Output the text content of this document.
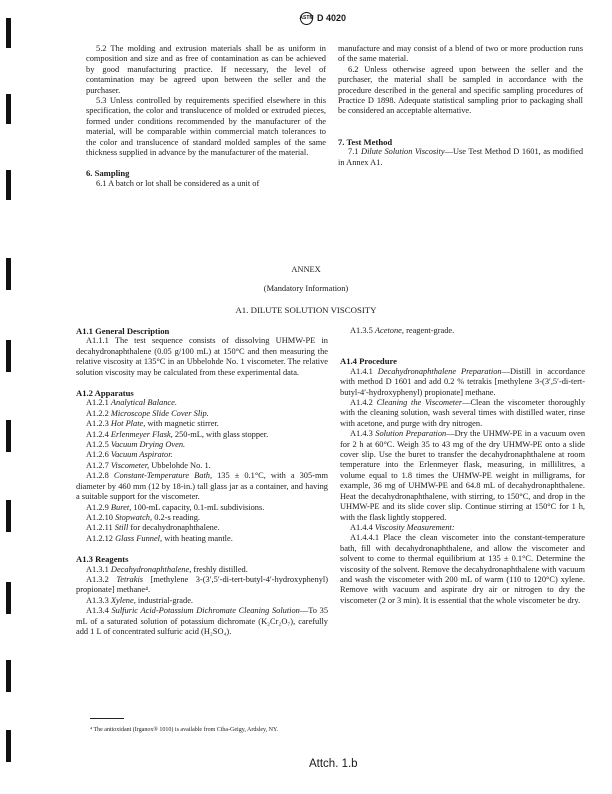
ASTM D 4020

5.2 The molding and extrusion materials shall be as uniform in composition and size and as free of contamination as can be achieved by good manufacturing practice. If necessary, the level of contamination may be agreed upon between the seller and the purchaser.

5.3 Unless controlled by requirements specified elsewhere in this specification, the color and translucence of molded or extruded pieces, formed under conditions recommended by the manufacturer of the material, will be comparable within commercial match tolerances to the color and translucence of standard molded samples of the same thickness supplied in advance by the manufacturer of the material.

6. Sampling

6.1 A batch or lot shall be considered as a unit of

manufacture and may consist of a blend of two or more production runs of the same material.

6.2 Unless otherwise agreed upon between the seller and the purchaser, the material shall be sampled in accordance with the procedure described in the general and specific sampling procedures of Practice D 1898. Adequate statistical sampling prior to packaging shall be considered an acceptable alternative.

7. Test Method

7.1 Dilute Solution Viscosity—Use Test Method D 1601, as modified in Annex A1.

ANNEX
(Mandatory Information)
A1. DILUTE SOLUTION VISCOSITY
A1.1 General Description

A1.1.1 The test sequence consists of dissolving UHMW-PE in decahydronaphthalene (0.05 g/100 mL) at 150°C and then measuring the relative viscosity at 135°C in an Ubbelohde No. 1 viscometer. The relative solution viscosity may be calculated from these experimental data.

A1.2 Apparatus
A1.2.1 Analytical Balance.
A1.2.2 Microscope Slide Cover Slip.
A1.2.3 Hot Plate, with magnetic stirrer.
A1.2.4 Erlenmeyer Flask, 250-mL, with glass stopper.
A1.2.5 Vacuum Drying Oven.
A1.2.6 Vacuum Aspirator.
A1.2.7 Viscometer, Ubbelohde No. 1.
A1.2.8 Constant-Temperature Bath, 135 ± 0.1°C, with a 305-mm diameter by 460 mm (12 by 18-in.) tall glass jar as a container, and having a suitable support for the viscometer.
A1.2.9 Buret, 100-mL capacity, 0.1-mL subdivisions.
A1.2.10 Stopwatch, 0.2-s reading.
A1.2.11 Still for decahydronaphthalene.
A1.2.12 Glass Funnel, with heating mantle.
A1.3 Reagents
A1.3.1 Decahydronaphthalene, freshly distilled.
A1.3.2 Tetrakis [methylene 3-(3′,5′-di-tert-butyl-4′-hydroxyphenyl) propionate] methane⁴.
A1.3.3 Xylene, industrial-grade.
A1.3.4 Sulfuric Acid-Potassium Dichromate Cleaning Solution—To 35 mL of a saturated solution of potassium dichromate (K₂Cr₂O₇), carefully add 1 L of concentrated sulfuric acid (H₂SO₄).
A1.3.5 Acetone, reagent-grade.
A1.4 Procedure

A1.4.1 Decahydronaphthalene Preparation—Distill in accordance with method D 1601 and add 0.2 % tetrakis [methylene 3-(3′,5′-di-tert-butyl-4′-hydroxyphenyl) propionate] methane.

A1.4.2 Cleaning the Viscometer—Clean the viscometer thoroughly with the cleaning solution, wash several times with distilled water, rinse with acetone, and purge with dry nitrogen.

A1.4.3 Solution Preparation—Dry the UHMW-PE in a vacuum oven for 2 h at 60°C. Weigh 35 to 43 mg of the dry UHMW-PE onto a slide cover slip. Use the buret to transfer the decahydronaphthalene at room temperature into the Erlenmeyer flask, measuring, in millilitres, a volume equal to 1.8 times the UHMW-PE weight in milligrams, for example, 36 mg of UHMW-PE and 64.8 mL of decahydronaphthalene. Heat the decahydronaphthalene, with stirring, to 150°C, and drop in the UHMW-PE and its slide cover slip. Continue stirring at 150°C for 1 h, with the flask lightly stoppered.

A1.4.4 Viscosity Measurement:

A1.4.4.1 Place the clean viscometer into the constant-temperature bath, fill with decahydronaphthalene, and allow the viscometer and solvent to come to thermal equilibrium at 135 ± 0.1°C. Determine the viscosity of the solvent. Remove the decahydronaphthalene with vacuum and wash the viscometer with 200 mL of warm (110 to 120°C) xylene. Remove with vacuum and aspirate dry air or nitrogen to dry the viscometer (2 or 3 min). It is essential that the whole viscometer be dry.

⁴ The antioxidant (Irganox® 1010) is available from Ciba-Geigy, Ardsley, NY.
Attch. 1.b
